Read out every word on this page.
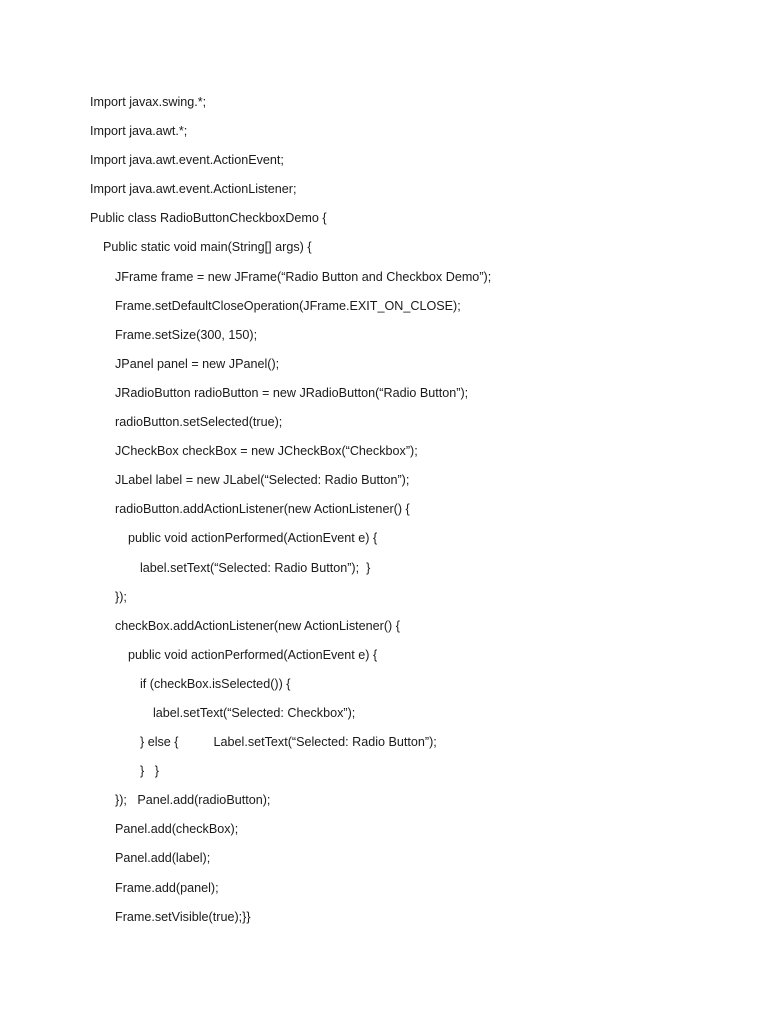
Import javax.swing.*;
Import java.awt.*;
Import java.awt.event.ActionEvent;
Import java.awt.event.ActionListener;
Public class RadioButtonCheckboxDemo {
Public static void main(String[] args) {
JFrame frame = new JFrame(“Radio Button and Checkbox Demo”);
Frame.setDefaultCloseOperation(JFrame.EXIT_ON_CLOSE);
Frame.setSize(300, 150);
JPanel panel = new JPanel();
JRadioButton radioButton = new JRadioButton(“Radio Button”);
radioButton.setSelected(true);
JCheckBox checkBox = new JCheckBox(“Checkbox”);
JLabel label = new JLabel(“Selected: Radio Button”);
radioButton.addActionListener(new ActionListener() {
public void actionPerformed(ActionEvent e) {
label.setText(“Selected: Radio Button”);  }
});
checkBox.addActionListener(new ActionListener() {
public void actionPerformed(ActionEvent e) {
if (checkBox.isSelected()) {
label.setText(“Selected: Checkbox”);
} else {          Label.setText(“Selected: Radio Button”);
}   }
});   Panel.add(radioButton);
Panel.add(checkBox);
Panel.add(label);
Frame.add(panel);
Frame.setVisible(true);}}
